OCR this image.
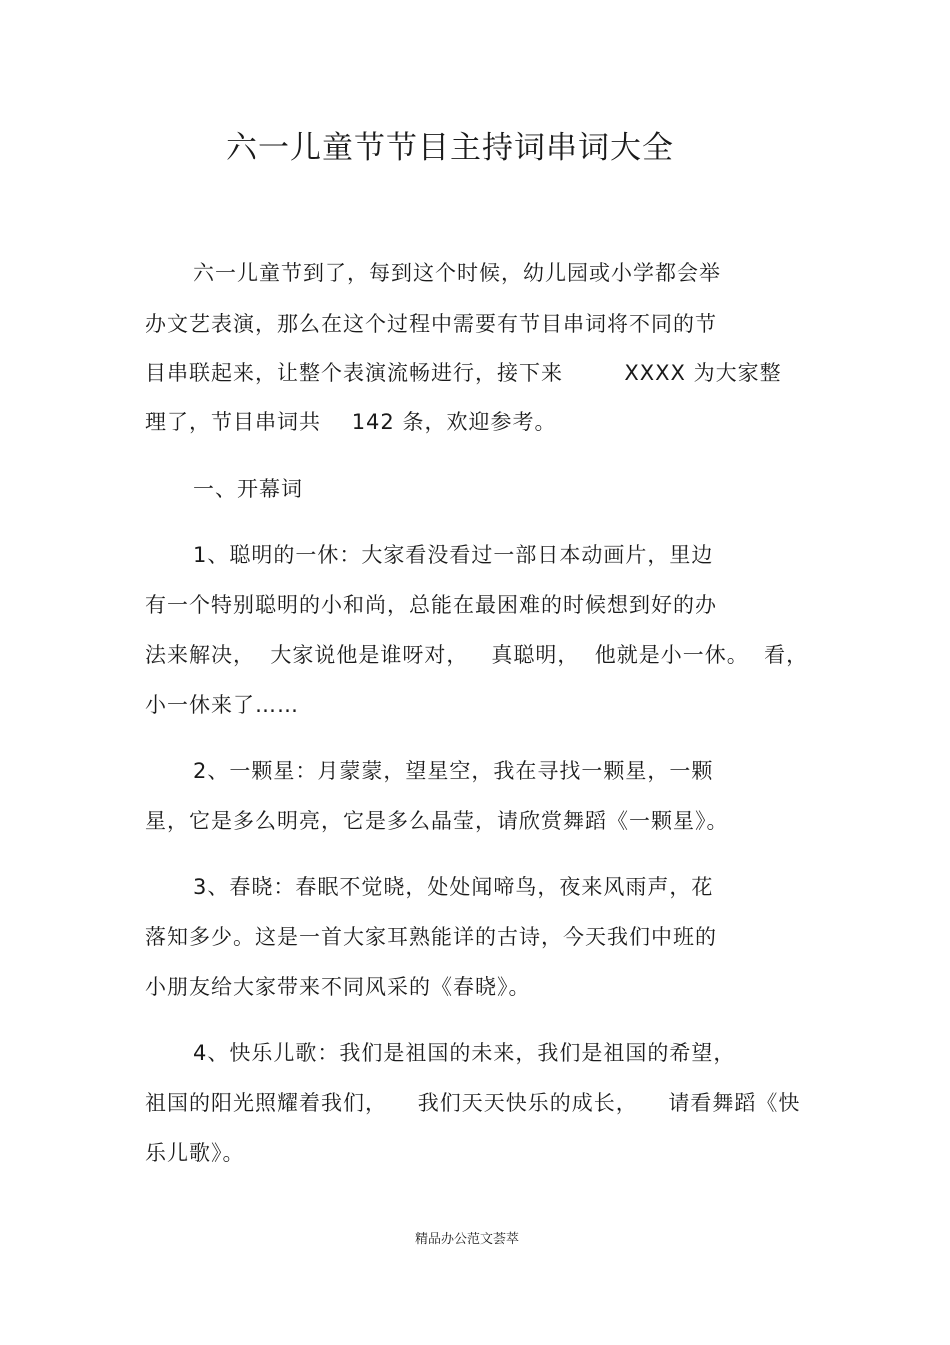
六一儿童节节目主持词串词大全
六一儿童节到了，每到这个时候，幼儿园或小学都会举
办文艺表演，那么在这个过程中需要有节目串词将不同的节
目串联起来，让整个表演流畅进行，接下来        XXXX 为大家整
理了，节目串词共    142 条，欢迎参考。
一、开幕词
1、聪明的一休：大家看没看过一部日本动画片，里边
有一个特别聪明的小和尚，总能在最困难的时候想到好的办
法来解决，  大家说他是谁呀对，   真聪明，  他就是小一休。  看，
小一休来了……
2、一颗星：月蒙蒙，望星空，我在寻找一颗星，一颗
星，它是多么明亮，它是多么晶莹，请欣赏舞蹈《一颗星》。
3、春晓：春眠不觉晓，处处闻啼鸟，夜来风雨声，花
落知多少。这是一首大家耳熟能详的古诗，今天我们中班的
小朋友给大家带来不同风采的《春晓》。
4、快乐儿歌：我们是祖国的未来，我们是祖国的希望，
祖国的阳光照耀着我们，    我们天天快乐的成长，    请看舞蹈《快
乐儿歌》。
精品办公范文荟萃
